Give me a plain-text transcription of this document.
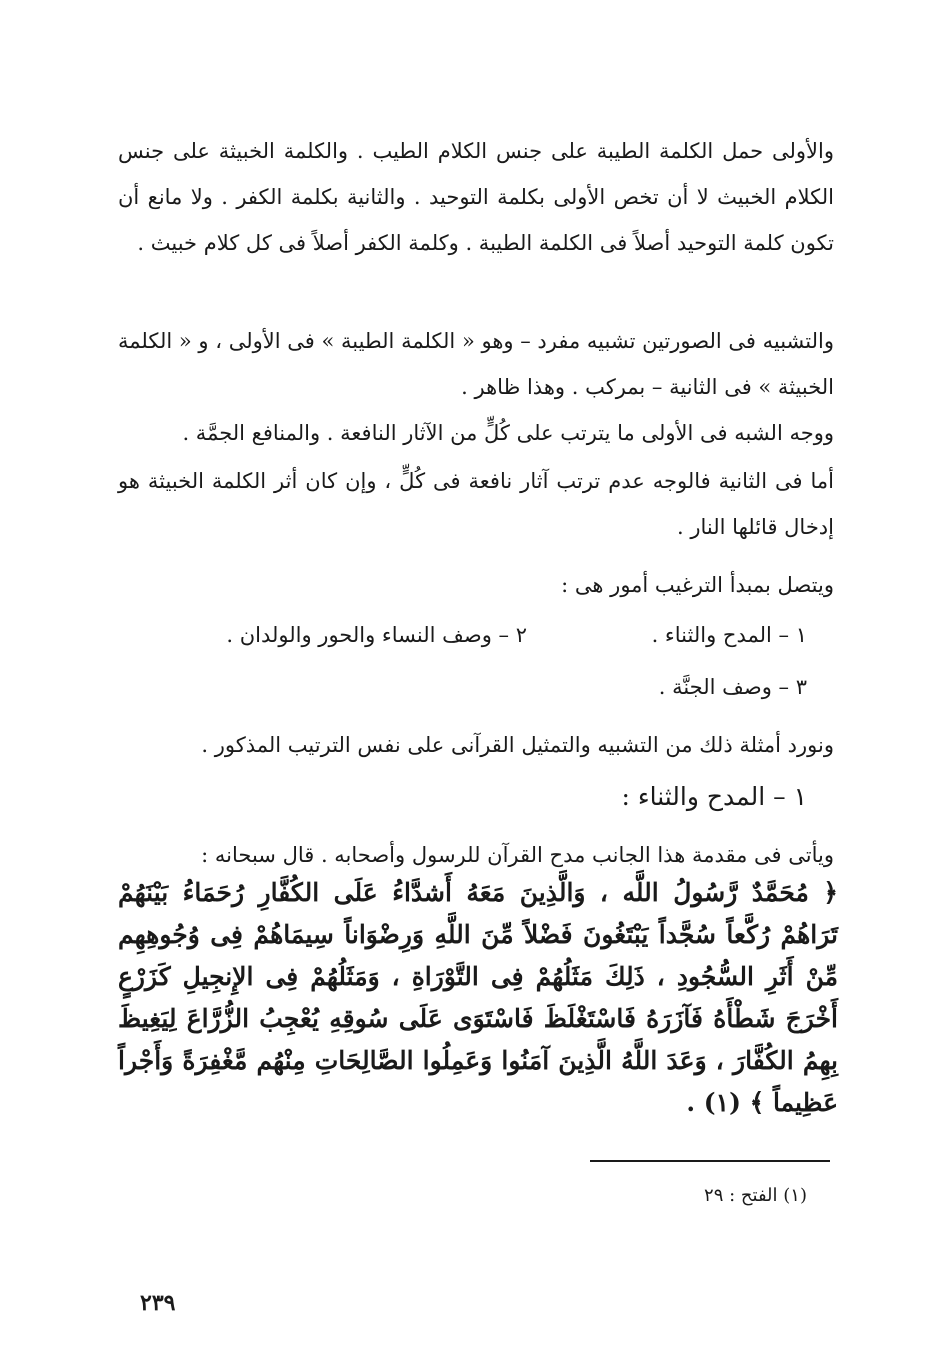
والأولى حمل الكلمة الطيبة على جنس الكلام الطيب . والكلمة الخبيثة على جنس الكلام الخبيث لا أن تخص الأولى بكلمة التوحيد . والثانية بكلمة الكفر . ولا مانع أن تكون كلمة التوحيد أصلاً فى الكلمة الطيبة . وكلمة الكفر أصلاً فى كل كلام خبيث .

والتشبيه فى الصورتين تشبيه مفرد – وهو « الكلمة الطيبة » فى الأولى ، و « الكلمة الخبيثة » فى الثانية – بمركب . وهذا ظاهر .

ووجه الشبه فى الأولى ما يترتب على كُلٍّ من الآثار النافعة . والمنافع الجمَّة .

أما فى الثانية فالوجه عدم ترتب آثار نافعة فى كُلٍّ ، وإن كان أثر الكلمة الخبيثة هو إدخال قائلها النار .

ويتصل بمبدأ الترغيب أمور هى :

١ – المدح والثناء .

٢ – وصف النساء والحور والولدان .

٣ – وصف الجنَّة .

ونورد أمثلة ذلك من التشبيه والتمثيل القرآنى على نفس الترتيب المذكور .

١ – المدح والثناء :

ويأتى فى مقدمة هذا الجانب مدح القرآن للرسول وأصحابه . قال سبحانه :

﴿ مُحَمَّدٌ رَّسُولُ اللَّه ، وَالَّذِينَ مَعَهُ أَشدَّاءُ عَلَى الكُفَّارِ رُحَمَاءُ بَيْنَهُمْ تَرَاهُمْ رُكَّعاً سُجَّداً يَبْتَغُونَ فَضْلاً مِّنَ اللَّهِ وَرِضْوَاناً سِيمَاهُمْ فِى وُجُوهِهِم مِّنْ أَثَرِ السُّجُودِ ، ذَلِكَ مَثَلُهُمْ فِى التَّوْرَاةِ ، وَمَثَلُهُمْ فِى الإِنجِيلِ كَزَرْعٍ أَخْرَجَ شَطْأَهُ فَآزَرَهُ فَاسْتَغْلَظَ فَاسْتَوَى عَلَى سُوقِهِ يُعْجِبُ الزُّرَّاعَ لِيَغِيظَ بِهِمُ الكُفَّارَ ، وَعَدَ اللَّهُ الَّذِينَ آمَنُوا وَعَمِلُوا الصَّالِحَاتِ مِنْهُم مَّغْفِرَةً وَأَجْراً عَظِيماً ﴾ (١) .

(١) الفتح : ٢٩

٢٣٩
